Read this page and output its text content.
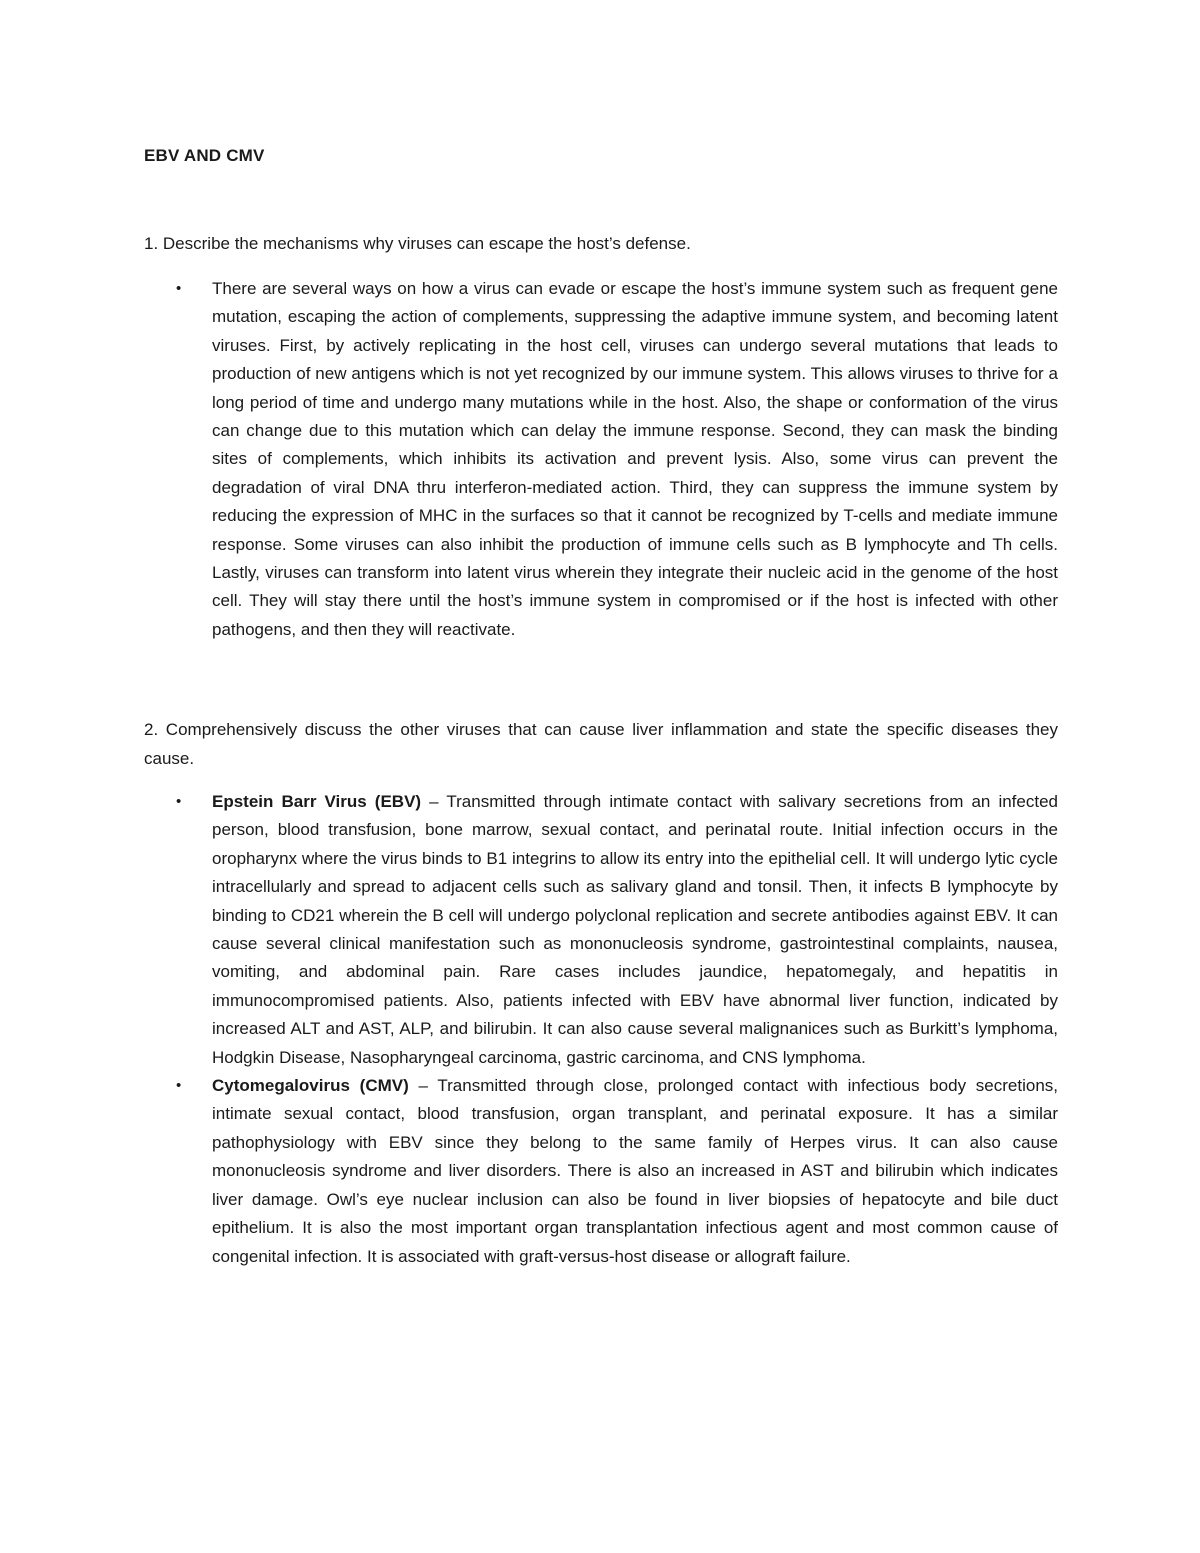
EBV AND CMV
1. Describe the mechanisms why viruses can escape the host’s defense.
• There are several ways on how a virus can evade or escape the host’s immune system such as frequent gene mutation, escaping the action of complements, suppressing the adaptive immune system, and becoming latent viruses. First, by actively replicating in the host cell, viruses can undergo several mutations that leads to production of new antigens which is not yet recognized by our immune system. This allows viruses to thrive for a long period of time and undergo many mutations while in the host. Also, the shape or conformation of the virus can change due to this mutation which can delay the immune response. Second, they can mask the binding sites of complements, which inhibits its activation and prevent lysis. Also, some virus can prevent the degradation of viral DNA thru interferon-mediated action. Third, they can suppress the immune system by reducing the expression of MHC in the surfaces so that it cannot be recognized by T-cells and mediate immune response. Some viruses can also inhibit the production of immune cells such as B lymphocyte and Th cells. Lastly, viruses can transform into latent virus wherein they integrate their nucleic acid in the genome of the host cell. They will stay there until the host’s immune system in compromised or if the host is infected with other pathogens, and then they will reactivate.
2. Comprehensively discuss the other viruses that can cause liver inflammation and state the specific diseases they cause.
• Epstein Barr Virus (EBV) – Transmitted through intimate contact with salivary secretions from an infected person, blood transfusion, bone marrow, sexual contact, and perinatal route. Initial infection occurs in the oropharynx where the virus binds to B1 integrins to allow its entry into the epithelial cell. It will undergo lytic cycle intracellularly and spread to adjacent cells such as salivary gland and tonsil. Then, it infects B lymphocyte by binding to CD21 wherein the B cell will undergo polyclonal replication and secrete antibodies against EBV. It can cause several clinical manifestation such as mononucleosis syndrome, gastrointestinal complaints, nausea, vomiting, and abdominal pain. Rare cases includes jaundice, hepatomegaly, and hepatitis in immunocompromised patients. Also, patients infected with EBV have abnormal liver function, indicated by increased ALT and AST, ALP, and bilirubin. It can also cause several malignanices such as Burkitt’s lymphoma, Hodgkin Disease, Nasopharyngeal carcinoma, gastric carcinoma, and CNS lymphoma.
• Cytomegalovirus (CMV) – Transmitted through close, prolonged contact with infectious body secretions, intimate sexual contact, blood transfusion, organ transplant, and perinatal exposure. It has a similar pathophysiology with EBV since they belong to the same family of Herpes virus. It can also cause mononucleosis syndrome and liver disorders. There is also an increased in AST and bilirubin which indicates liver damage. Owl’s eye nuclear inclusion can also be found in liver biopsies of hepatocyte and bile duct epithelium. It is also the most important organ transplantation infectious agent and most common cause of congenital infection. It is associated with graft-versus-host disease or allograft failure.
